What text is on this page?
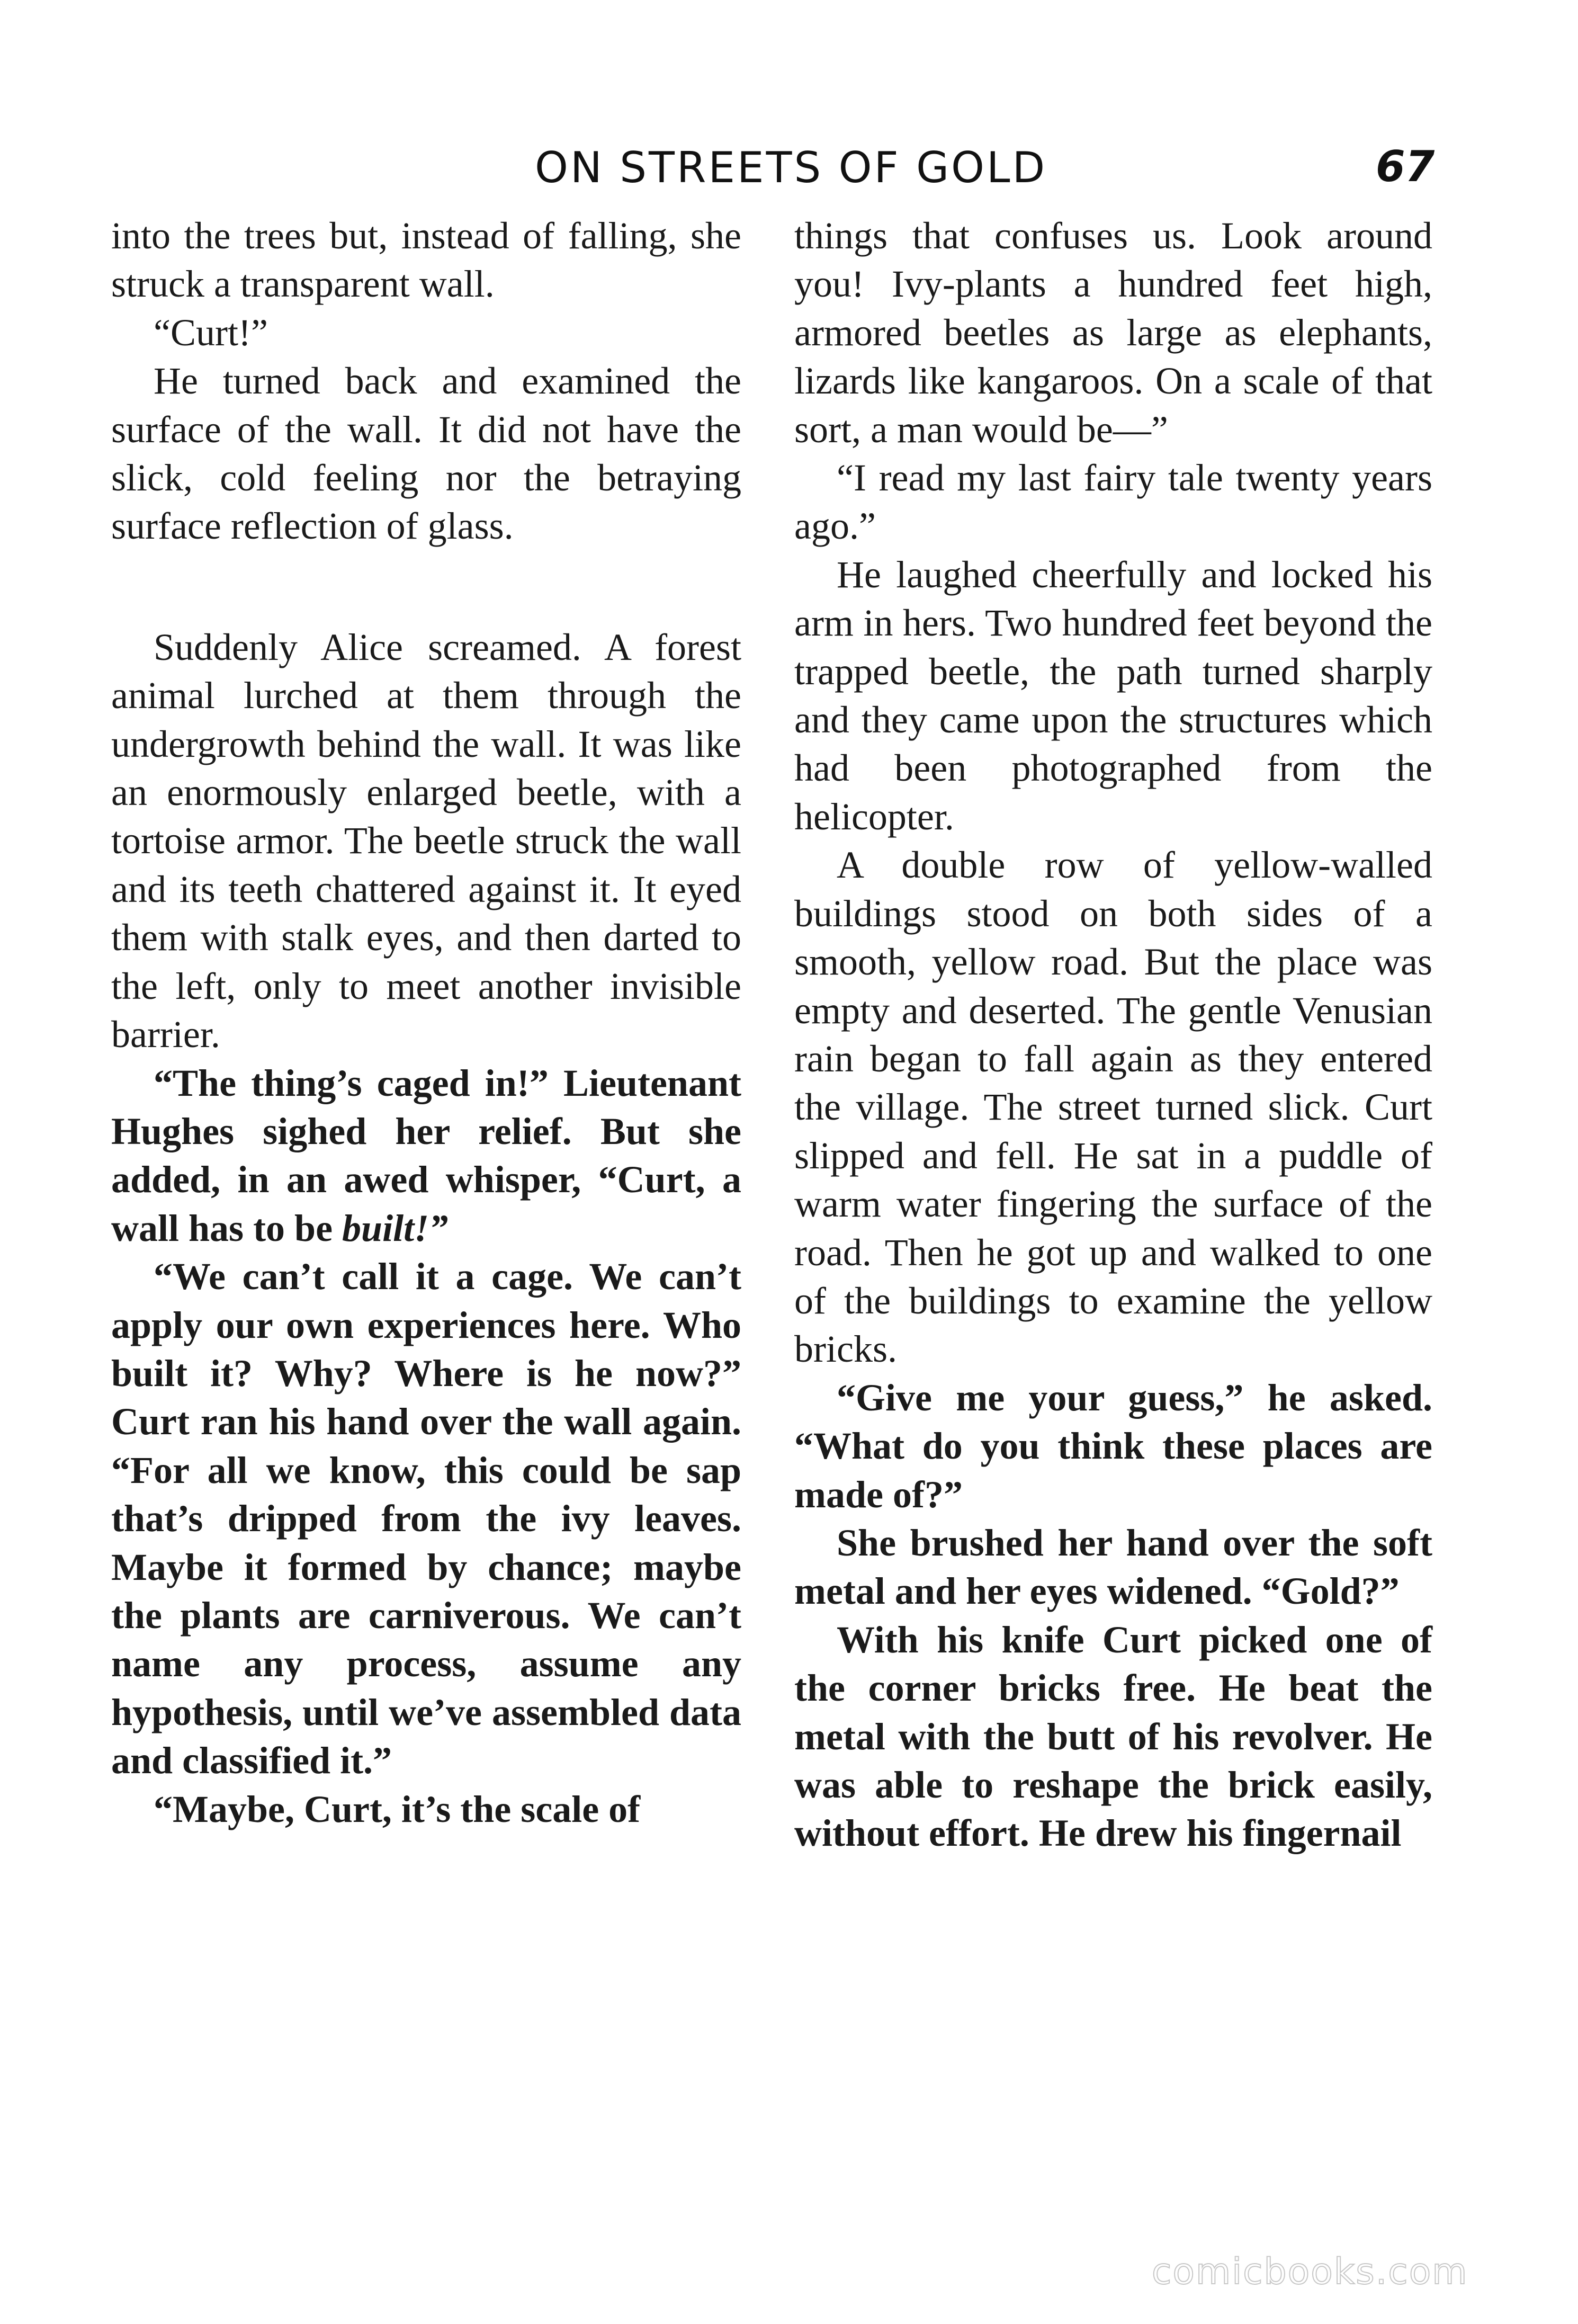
ON STREETS OF GOLD	67

into the trees but, instead of falling, she struck a transparent wall.

“Curt!”

He turned back and examined the surface of the wall. It did not have the slick, cold feeling nor the betraying surface reflection of glass.

Suddenly Alice screamed. A forest animal lurched at them through the undergrowth behind the wall. It was like an enormously enlarged beetle, with a tortoise armor. The beetle struck the wall and its teeth chattered against it. It eyed them with stalk eyes, and then darted to the left, only to meet another invisible barrier.

“The thing’s caged in!” Lieutenant Hughes sighed her relief. But she added, in an awed whisper, “Curt, a wall has to be built!”

“We can’t call it a cage. We can’t apply our own experiences here. Who built it? Why? Where is he now?” Curt ran his hand over the wall again. “For all we know, this could be sap that’s dripped from the ivy leaves. Maybe it formed by chance; maybe the plants are carniverous. We can’t name any process, assume any hypothesis, until we’ve assembled data and classified it.”

“Maybe, Curt, it’s the scale of

things that confuses us. Look around you! Ivy-plants a hundred feet high, armored beetles as large as elephants, lizards like kangaroos. On a scale of that sort, a man would be—”

“I read my last fairy tale twenty years ago.”

He laughed cheerfully and locked his arm in hers. Two hundred feet beyond the trapped beetle, the path turned sharply and they came upon the structures which had been photographed from the helicopter.

A double row of yellow-walled buildings stood on both sides of a smooth, yellow road. But the place was empty and deserted. The gentle Venusian rain began to fall again as they entered the village. The street turned slick. Curt slipped and fell. He sat in a puddle of warm water fingering the surface of the road. Then he got up and walked to one of the buildings to examine the yellow bricks.

“Give me your guess,” he asked. “What do you think these places are made of?”

She brushed her hand over the soft metal and her eyes widened. “Gold?”

With his knife Curt picked one of the corner bricks free. He beat the metal with the butt of his revolver. He was able to reshape the brick easily, without effort. He drew his fingernail

comicbooks.com
